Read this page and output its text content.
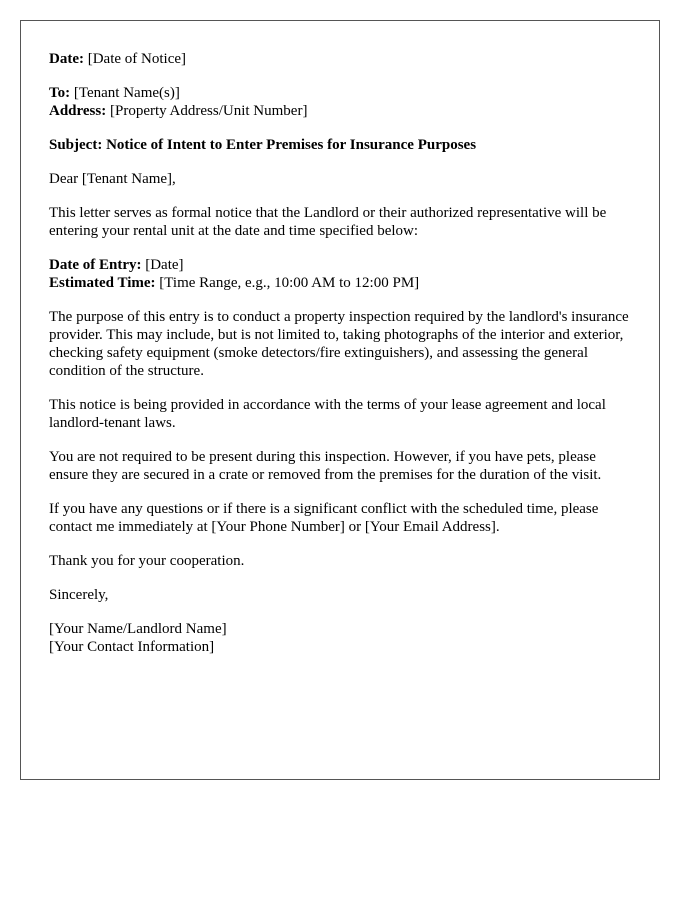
Date: [Date of Notice]

To: [Tenant Name(s)]
Address: [Property Address/Unit Number]

Subject: Notice of Intent to Enter Premises for Insurance Purposes

Dear [Tenant Name],

This letter serves as formal notice that the Landlord or their authorized representative will be entering your rental unit at the date and time specified below:

Date of Entry: [Date]
Estimated Time: [Time Range, e.g., 10:00 AM to 12:00 PM]

The purpose of this entry is to conduct a property inspection required by the landlord's insurance provider. This may include, but is not limited to, taking photographs of the interior and exterior, checking safety equipment (smoke detectors/fire extinguishers), and assessing the general condition of the structure.

This notice is being provided in accordance with the terms of your lease agreement and local landlord-tenant laws.

You are not required to be present during this inspection. However, if you have pets, please ensure they are secured in a crate or removed from the premises for the duration of the visit.

If you have any questions or if there is a significant conflict with the scheduled time, please contact me immediately at [Your Phone Number] or [Your Email Address].

Thank you for your cooperation.

Sincerely,

[Your Name/Landlord Name]
[Your Contact Information]
